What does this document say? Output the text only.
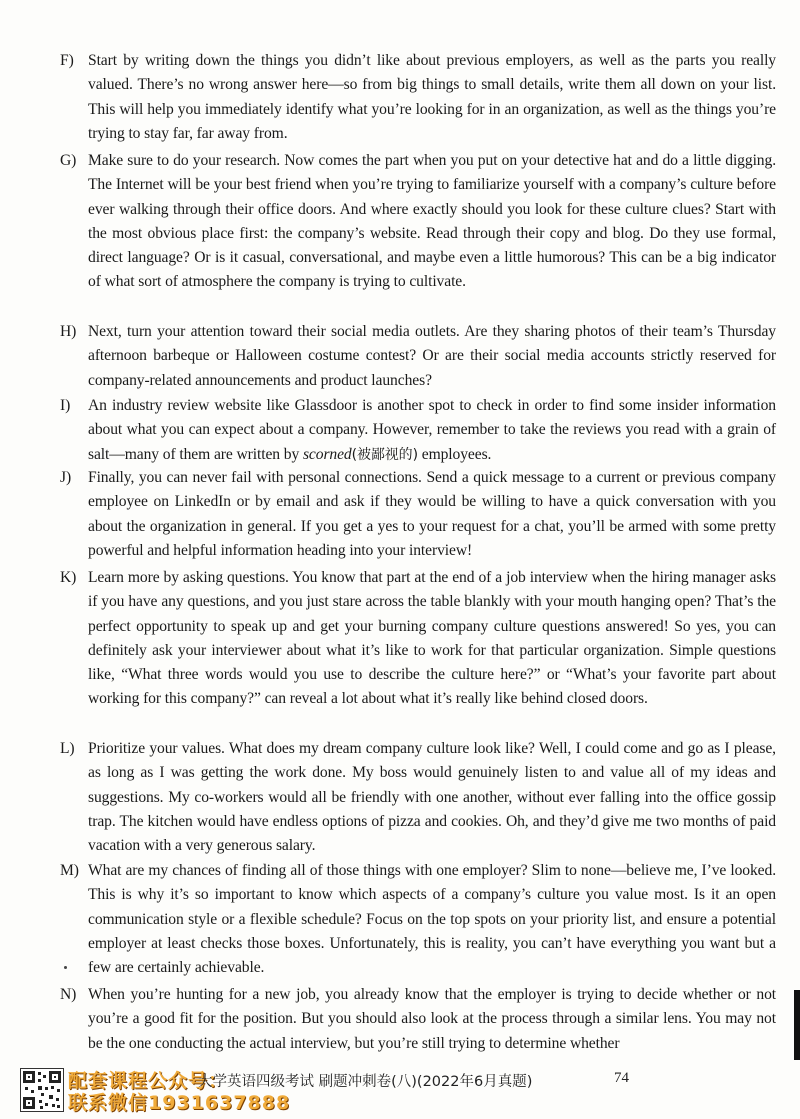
F) Start by writing down the things you didn’t like about previous employers, as well as the parts you really valued. There’s no wrong answer here—so from big things to small details, write them all down on your list. This will help you immediately identify what you’re looking for in an organization, as well as the things you’re trying to stay far, far away from.
G) Make sure to do your research. Now comes the part when you put on your detective hat and do a little digging. The Internet will be your best friend when you’re trying to familiarize yourself with a company’s culture before ever walking through their office doors. And where exactly should you look for these culture clues? Start with the most obvious place first: the company’s website. Read through their copy and blog. Do they use formal, direct language? Or is it casual, conversational, and maybe even a little humorous? This can be a big indicator of what sort of atmosphere the company is trying to cultivate.
H) Next, turn your attention toward their social media outlets. Are they sharing photos of their team’s Thursday afternoon barbeque or Halloween costume contest? Or are their social media accounts strictly reserved for company-related announcements and product launches?
I)	An industry review website like Glassdoor is another spot to check in order to find some insider information about what you can expect about a company. However, remember to take the reviews you read with a grain of salt—many of them are written by scorned(被鄙视的) employees.
J)	Finally, you can never fail with personal connections. Send a quick message to a current or previous company employee on LinkedIn or by email and ask if they would be willing to have a quick conversation with you about the organization in general. If you get a yes to your request for a chat, you’ll be armed with some pretty powerful and helpful information heading into your interview!
K) Learn more by asking questions. You know that part at the end of a job interview when the hiring manager asks if you have any questions, and you just stare across the table blankly with your mouth hanging open? That’s the perfect opportunity to speak up and get your burning company culture questions answered! So yes, you can definitely ask your interviewer about what it’s like to work for that particular organization. Simple questions like, “What three words would you use to describe the culture here?” or “What’s your favorite part about working for this company?” can reveal a lot about what it’s really like behind closed doors.
L) Prioritize your values. What does my dream company culture look like? Well, I could come and go as I please, as long as I was getting the work done. My boss would genuinely listen to and value all of my ideas and suggestions. My co-workers would all be friendly with one another, without ever falling into the office gossip trap. The kitchen would have endless options of pizza and cookies. Oh, and they’d give me two months of paid vacation with a very generous salary.
M) What are my chances of finding all of those things with one employer? Slim to none—believe me, I’ve looked. This is why it’s so important to know which aspects of a company’s culture you value most. Is it an open communication style or a flexible schedule? Focus on the top spots on your priority list, and ensure a potential employer at least checks those boxes. Unfortunately, this is reality, you can’t have everything you want but a few are certainly achievable.
N) When you’re hunting for a new job, you already know that the employer is trying to decide whether or not you’re a good fit for the position. But you should also look at the process through a similar lens. You may not be the one conducting the actual interview, but you’re still trying to determine whether
配套课程公众号：
联系微信1931637888
大学英语四级考试 刷题冲刺卷(八)(2022年6月真题)	74
